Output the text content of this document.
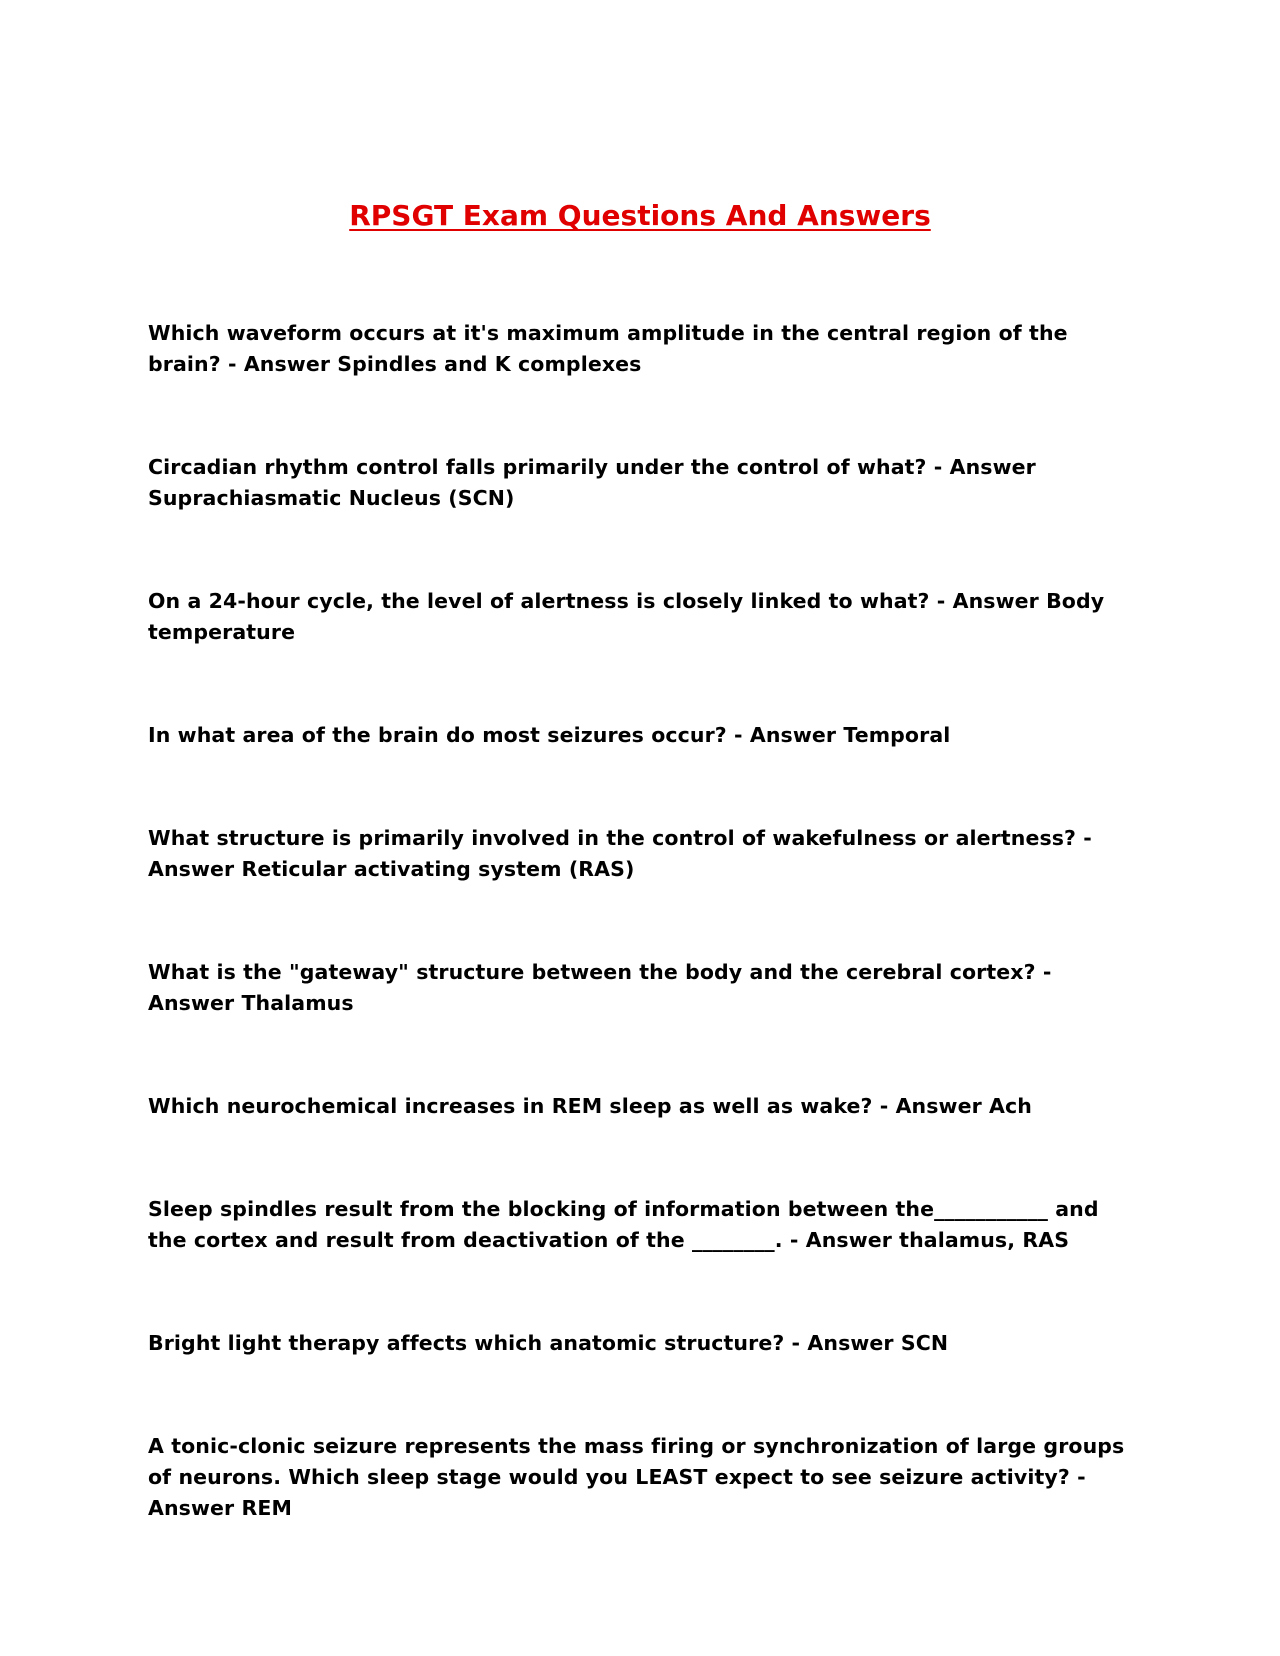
RPSGT Exam Questions And Answers
Which waveform occurs at it's maximum amplitude in the central region of the brain? - Answer Spindles and K complexes
Circadian rhythm control falls primarily under the control of what? - Answer Suprachiasmatic Nucleus (SCN)
On a 24-hour cycle, the level of alertness is closely linked to what? - Answer Body temperature
In what area of the brain do most seizures occur? - Answer Temporal
What structure is primarily involved in the control of wakefulness or alertness? - Answer Reticular activating system (RAS)
What is the "gateway" structure between the body and the cerebral cortex? - Answer Thalamus
Which neurochemical increases in REM sleep as well as wake? - Answer Ach
Sleep spindles result from the blocking of information between the___________ and the cortex and result from deactivation of the ________. - Answer thalamus, RAS
Bright light therapy affects which anatomic structure? - Answer SCN
A tonic-clonic seizure represents the mass firing or synchronization of large groups of neurons. Which sleep stage would you LEAST expect to see seizure activity? - Answer REM
